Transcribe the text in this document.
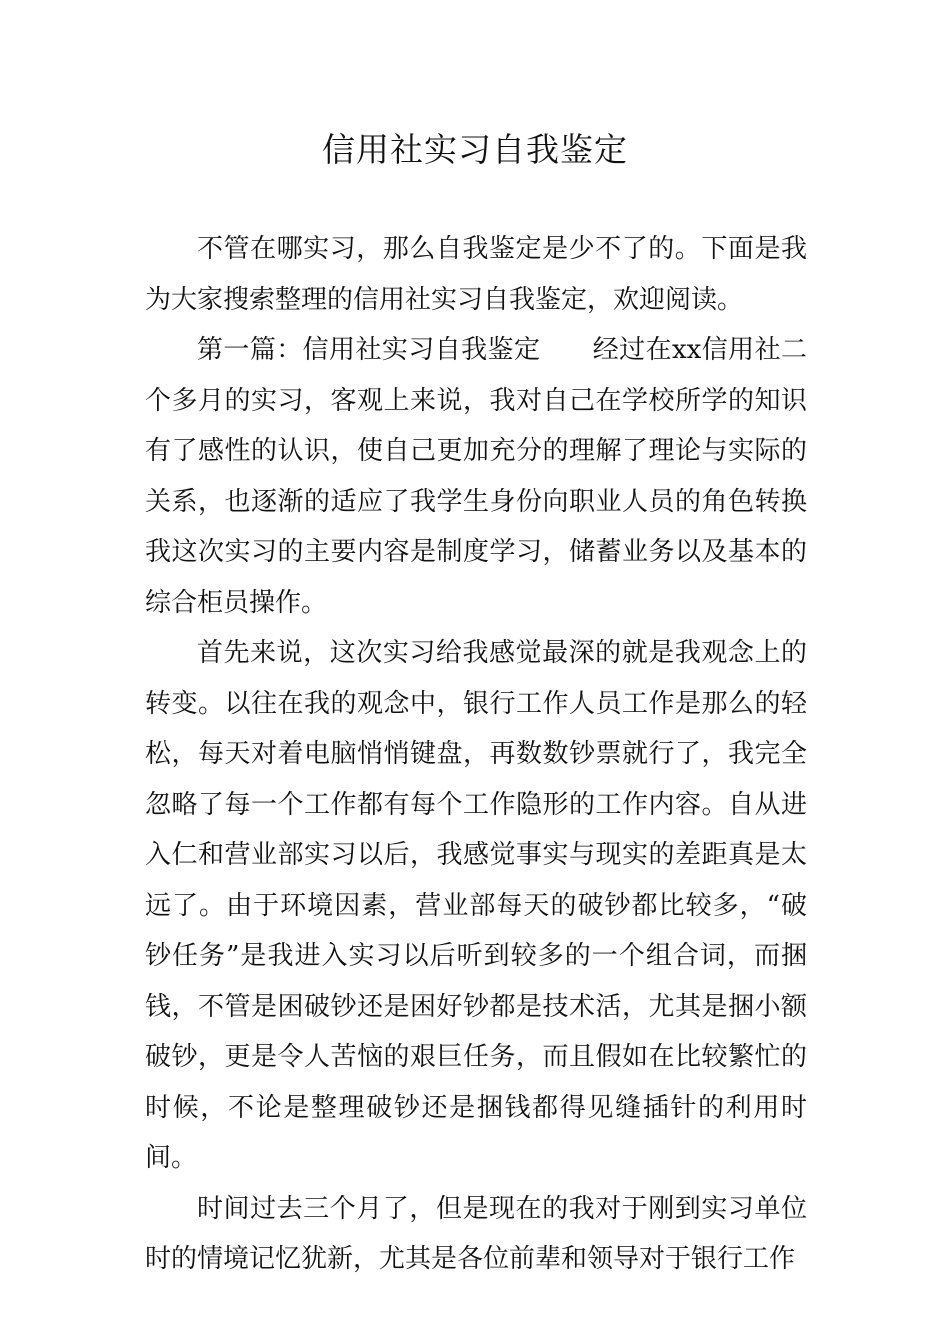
信用社实习自我鉴定

不管在哪实习，那么自我鉴定是少不了的。下面是我为大家搜索整理的信用社实习自我鉴定，欢迎阅读。

第一篇：信用社实习自我鉴定 经过在xx信用社二个多月的实习，客观上来说，我对自己在学校所学的知识有了感性的认识，使自己更加充分的理解了理论与实际的关系，也逐渐的适应了我学生身份向职业人员的角色转换我这次实习的主要内容是制度学习，储蓄业务以及基本的综合柜员操作。

首先来说，这次实习给我感觉最深的就是我观念上的转变。以往在我的观念中，银行工作人员工作是那么的轻松，每天对着电脑悄悄键盘，再数数钞票就行了，我完全忽略了每一个工作都有每个工作隐形的工作内容。自从进入仁和营业部实习以后，我感觉事实与现实的差距真是太远了。由于环境因素，营业部每天的破钞都比较多，“破钞任务”是我进入实习以后听到较多的一个组合词，而捆钱，不管是困破钞还是困好钞都是技术活，尤其是捆小额破钞，更是令人苦恼的艰巨任务，而且假如在比较繁忙的时候，不论是整理破钞还是捆钱都得见缝插针的利用时间。

时间过去三个月了，但是现在的我对于刚到实习单位时的情境记忆犹新，尤其是各位前辈和领导对于银行工作
